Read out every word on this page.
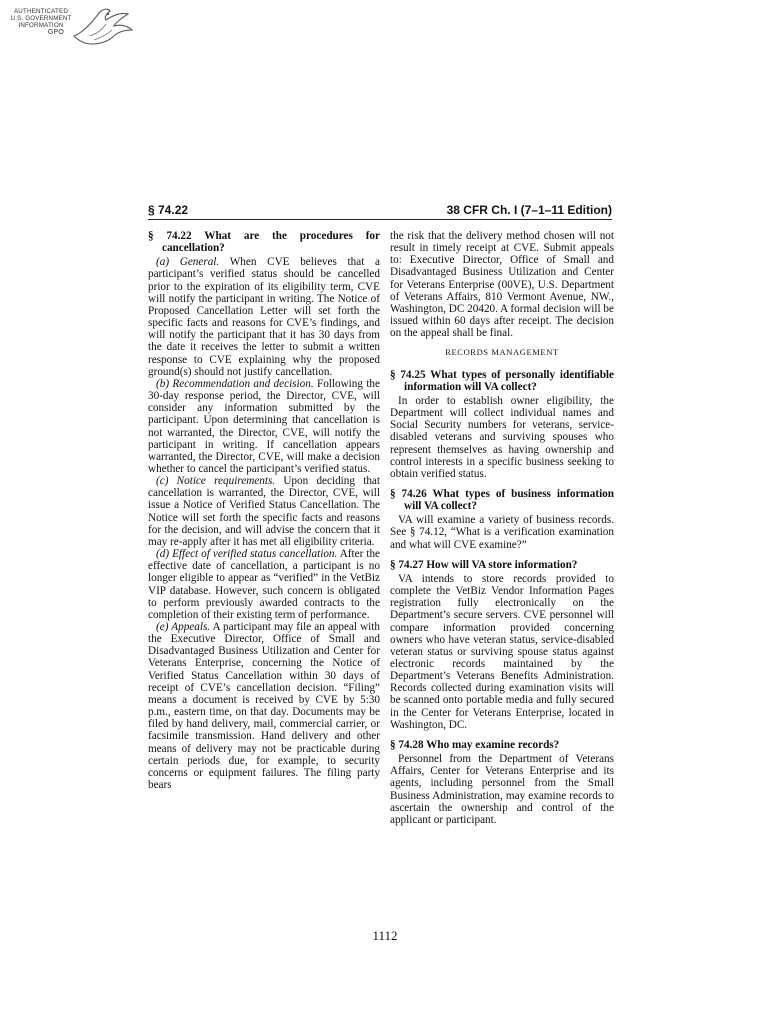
AUTHENTICATED
U.S. GOVERNMENT
INFORMATION
GPO
§ 74.22	38 CFR Ch. I (7–1–11 Edition)
§ 74.22 What are the procedures for cancellation?

(a) General. When CVE believes that a participant’s verified status should be cancelled prior to the expiration of its eligibility term, CVE will notify the participant in writing. The Notice of Proposed Cancellation Letter will set forth the specific facts and reasons for CVE’s findings, and will notify the participant that it has 30 days from the date it receives the letter to submit a written response to CVE explaining why the proposed ground(s) should not justify cancellation.

(b) Recommendation and decision. Following the 30-day response period, the Director, CVE, will consider any information submitted by the participant. Upon determining that cancellation is not warranted, the Director, CVE, will notify the participant in writing. If cancellation appears warranted, the Director, CVE, will make a decision whether to cancel the participant’s verified status.

(c) Notice requirements. Upon deciding that cancellation is warranted, the Director, CVE, will issue a Notice of Verified Status Cancellation. The Notice will set forth the specific facts and reasons for the decision, and will advise the concern that it may re-apply after it has met all eligibility criteria.

(d) Effect of verified status cancellation. After the effective date of cancellation, a participant is no longer eligible to appear as “verified” in the VetBiz VIP database. However, such concern is obligated to perform previously awarded contracts to the completion of their existing term of performance.

(e) Appeals. A participant may file an appeal with the Executive Director, Office of Small and Disadvantaged Business Utilization and Center for Veterans Enterprise, concerning the Notice of Verified Status Cancellation within 30 days of receipt of CVE’s cancellation decision. “Filing” means a document is received by CVE by 5:30 p.m., eastern time, on that day. Documents may be filed by hand delivery, mail, commercial carrier, or facsimile transmission. Hand delivery and other means of delivery may not be practicable during certain periods due, for example, to security concerns or equipment failures. The filing party bears

the risk that the delivery method chosen will not result in timely receipt at CVE. Submit appeals to: Executive Director, Office of Small and Disadvantaged Business Utilization and Center for Veterans Enterprise (00VE), U.S. Department of Veterans Affairs, 810 Vermont Avenue, NW., Washington, DC 20420. A formal decision will be issued within 60 days after receipt. The decision on the appeal shall be final.

RECORDS MANAGEMENT
§ 74.25 What types of personally identifiable information will VA collect?

In order to establish owner eligibility, the Department will collect individual names and Social Security numbers for veterans, service-disabled veterans and surviving spouses who represent themselves as having ownership and control interests in a specific business seeking to obtain verified status.

§ 74.26 What types of business information will VA collect?

VA will examine a variety of business records. See § 74.12, “What is a verification examination and what will CVE examine?”

§ 74.27 How will VA store information?

VA intends to store records provided to complete the VetBiz Vendor Information Pages registration fully electronically on the Department’s secure servers. CVE personnel will compare information provided concerning owners who have veteran status, service-disabled veteran status or surviving spouse status against electronic records maintained by the Department’s Veterans Benefits Administration. Records collected during examination visits will be scanned onto portable media and fully secured in the Center for Veterans Enterprise, located in Washington, DC.

§ 74.28 Who may examine records?

Personnel from the Department of Veterans Affairs, Center for Veterans Enterprise and its agents, including personnel from the Small Business Administration, may examine records to ascertain the ownership and control of the applicant or participant.

1112
